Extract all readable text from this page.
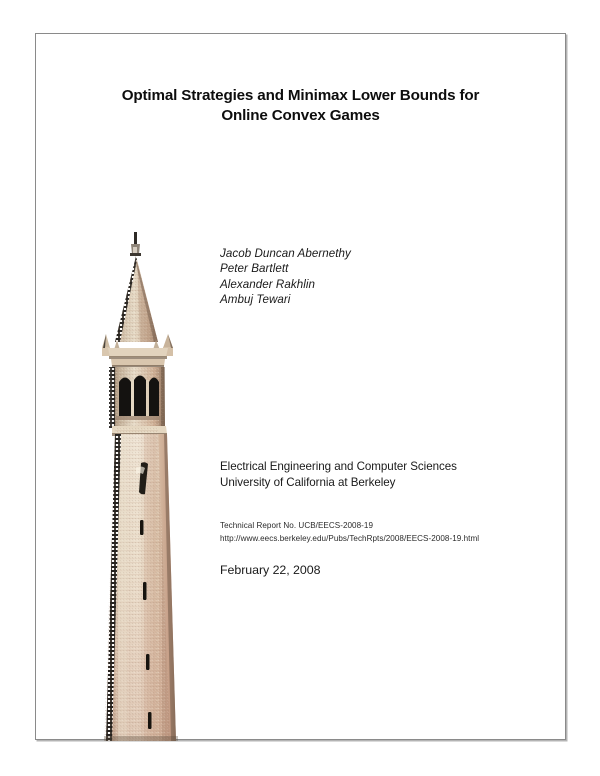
Optimal Strategies and Minimax Lower Bounds for
Online Convex Games
Jacob Duncan Abernethy
Peter Bartlett
Alexander Rakhlin
Ambuj Tewari
Electrical Engineering and Computer Sciences
University of California at Berkeley
Technical Report No. UCB/EECS-2008-19
http://www.eecs.berkeley.edu/Pubs/TechRpts/2008/EECS-2008-19.html
February 22, 2008
